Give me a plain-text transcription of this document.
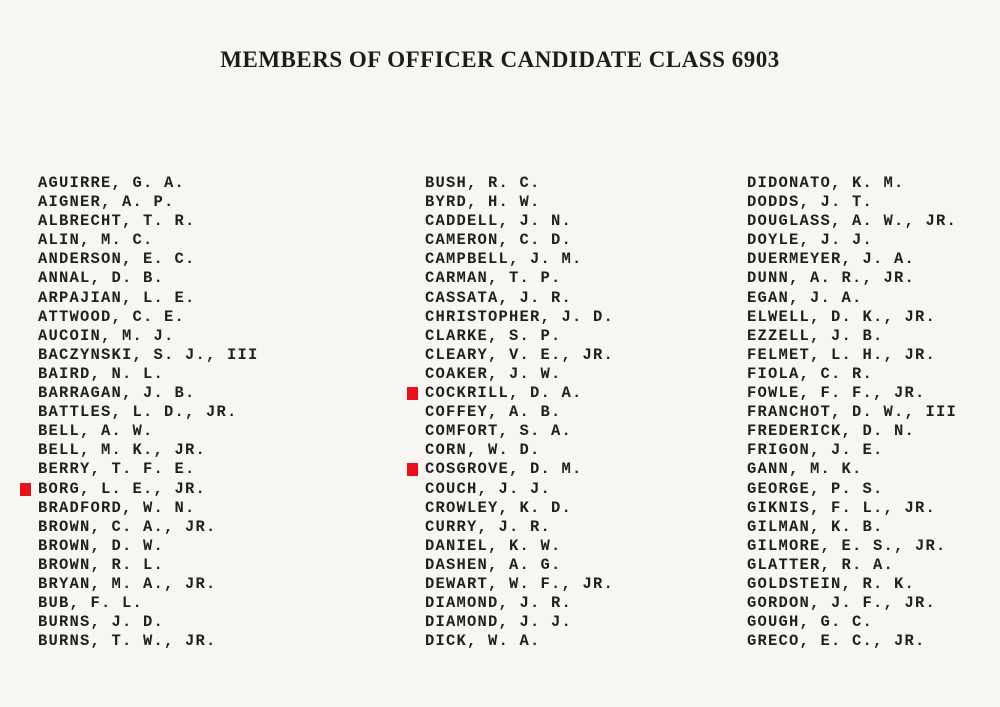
MEMBERS OF OFFICER CANDIDATE CLASS 6903
AGUIRRE, G. A.
AIGNER, A. P.
ALBRECHT, T. R.
ALIN, M. C.
ANDERSON, E. C.
ANNAL, D. B.
ARPAJIAN, L. E.
ATTWOOD, C. E.
AUCOIN, M. J.
BACZYNSKI, S. J., III
BAIRD, N. L.
BARRAGAN, J. B.
BATTLES, L. D., JR.
BELL, A. W.
BELL, M. K., JR.
BERRY, T. F. E.
BORG, L. E., JR.
BRADFORD, W. N.
BROWN, C. A., JR.
BROWN, D. W.
BROWN, R. L.
BRYAN, M. A., JR.
BUB, F. L.
BURNS, J. D.
BURNS, T. W., JR.
BUSH, R. C.
BYRD, H. W.
CADDELL, J. N.
CAMERON, C. D.
CAMPBELL, J. M.
CARMAN, T. P.
CASSATA, J. R.
CHRISTOPHER, J. D.
CLARKE, S. P.
CLEARY, V. E., JR.
COAKER, J. W.
COCKRILL, D. A.
COFFEY, A. B.
COMFORT, S. A.
CORN, W. D.
COSGROVE, D. M.
COUCH, J. J.
CROWLEY, K. D.
CURRY, J. R.
DANIEL, K. W.
DASHEN, A. G.
DEWART, W. F., JR.
DIAMOND, J. R.
DIAMOND, J. J.
DICK, W. A.
DIDONATO, K. M.
DODDS, J. T.
DOUGLASS, A. W., JR.
DOYLE, J. J.
DUERMEYER, J. A.
DUNN, A. R., JR.
EGAN, J. A.
ELWELL, D. K., JR.
EZZELL, J. B.
FELMET, L. H., JR.
FIOLA, C. R.
FOWLE, F. F., JR.
FRANCHOT, D. W., III
FREDERICK, D. N.
FRIGON, J. E.
GANN, M. K.
GEORGE, P. S.
GIKNIS, F. L., JR.
GILMAN, K. B.
GILMORE, E. S., JR.
GLATTER, R. A.
GOLDSTEIN, R. K.
GORDON, J. F., JR.
GOUGH, G. C.
GRECO, E. C., JR.
